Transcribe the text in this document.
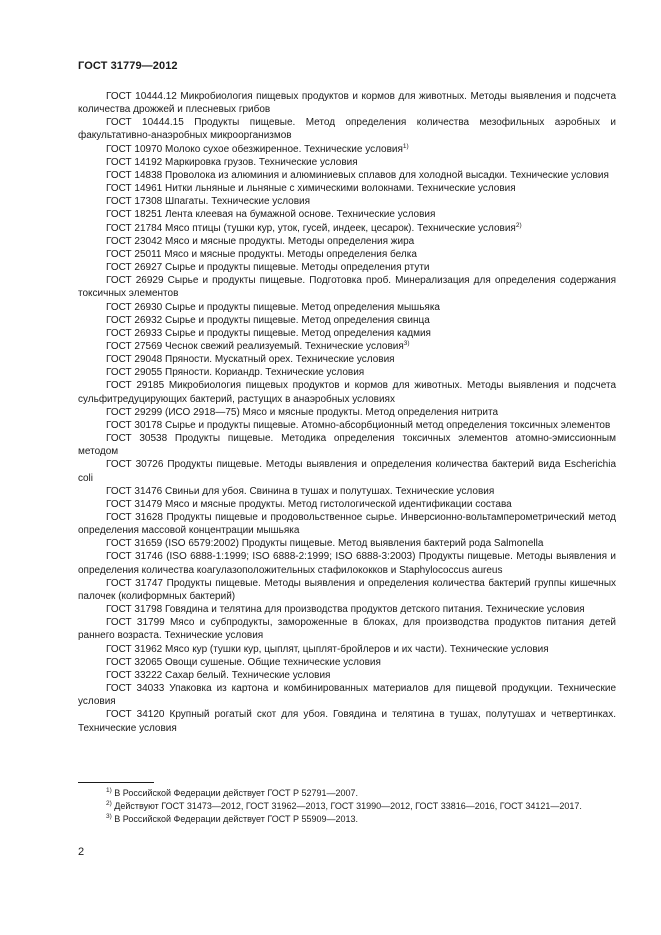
ГОСТ 31779—2012

ГОСТ 10444.12 Микробиология пищевых продуктов и кормов для животных. Методы выявления и подсчета количества дрожжей и плесневых грибов

ГОСТ 10444.15 Продукты пищевые. Метод определения количества мезофильных аэробных и факультативно-анаэробных микроорганизмов

ГОСТ 10970 Молоко сухое обезжиренное. Технические условия$^{1)}$

ГОСТ 14192 Маркировка грузов. Технические условия

ГОСТ 14838 Проволока из алюминия и алюминиевых сплавов для холодной высадки. Технические условия

ГОСТ 14961 Нитки льняные и льняные с химическими волокнами. Технические условия

ГОСТ 17308 Шпагаты. Технические условия

ГОСТ 18251 Лента клеевая на бумажной основе. Технические условия

ГОСТ 21784 Мясо птицы (тушки кур, уток, гусей, индеек, цесарок). Технические условия$^{2)}$

ГОСТ 23042 Мясо и мясные продукты. Методы определения жира

ГОСТ 25011 Мясо и мясные продукты. Методы определения белка

ГОСТ 26927 Сырье и продукты пищевые. Методы определения ртути

ГОСТ 26929 Сырье и продукты пищевые. Подготовка проб. Минерализация для определения содержания токсичных элементов

ГОСТ 26930 Сырье и продукты пищевые. Метод определения мышьяка

ГОСТ 26932 Сырье и продукты пищевые. Метод определения свинца

ГОСТ 26933 Сырье и продукты пищевые. Метод определения кадмия

ГОСТ 27569 Чеснок свежий реализуемый. Технические условия$^{3)}$

ГОСТ 29048 Пряности. Мускатный орех. Технические условия

ГОСТ 29055 Пряности. Кориандр. Технические условия

ГОСТ 29185 Микробиология пищевых продуктов и кормов для животных. Методы выявления и подсчета сульфитредуцирующих бактерий, растущих в анаэробных условиях

ГОСТ 29299 (ИСО 2918—75) Мясо и мясные продукты. Метод определения нитрита

ГОСТ 30178 Сырье и продукты пищевые. Атомно-абсорбционный метод определения токсичных элементов

ГОСТ 30538 Продукты пищевые. Методика определения токсичных элементов атомно-эмиссионным методом

ГОСТ 30726 Продукты пищевые. Методы выявления и определения количества бактерий вида Escherichia coli

ГОСТ 31476 Свиньи для убоя. Свинина в тушах и полутушах. Технические условия

ГОСТ 31479 Мясо и мясные продукты. Метод гистологической идентификации состава

ГОСТ 31628 Продукты пищевые и продовольственное сырье. Инверсионно-вольтамперометрический метод определения массовой концентрации мышьяка

ГОСТ 31659 (ISO 6579:2002) Продукты пищевые. Метод выявления бактерий рода Salmonella

ГОСТ 31746 (ISO 6888-1:1999; ISO 6888-2:1999; ISO 6888-3:2003) Продукты пищевые. Методы выявления и определения количества коагулазоположительных стафилококков и Staphylococcus aureus

ГОСТ 31747 Продукты пищевые. Методы выявления и определения количества бактерий группы кишечных палочек (колиформных бактерий)

ГОСТ 31798 Говядина и телятина для производства продуктов детского питания. Технические условия

ГОСТ 31799 Мясо и субпродукты, замороженные в блоках, для производства продуктов питания детей раннего возраста. Технические условия

ГОСТ 31962 Мясо кур (тушки кур, цыплят, цыплят-бройлеров и их части). Технические условия

ГОСТ 32065 Овощи сушеные. Общие технические условия

ГОСТ 33222 Сахар белый. Технические условия

ГОСТ 34033 Упаковка из картона и комбинированных материалов для пищевой продукции. Технические условия

ГОСТ 34120 Крупный рогатый скот для убоя. Говядина и телятина в тушах, полутушах и четвертинках. Технические условия

$^{1)}$ В Российской Федерации действует ГОСТ Р 52791—2007.

$^{2)}$ Действуют ГОСТ 31473—2012, ГОСТ 31962—2013, ГОСТ 31990—2012, ГОСТ 33816—2016, ГОСТ 34121—2017.

$^{3)}$ В Российской Федерации действует ГОСТ Р 55909—2013.

2
